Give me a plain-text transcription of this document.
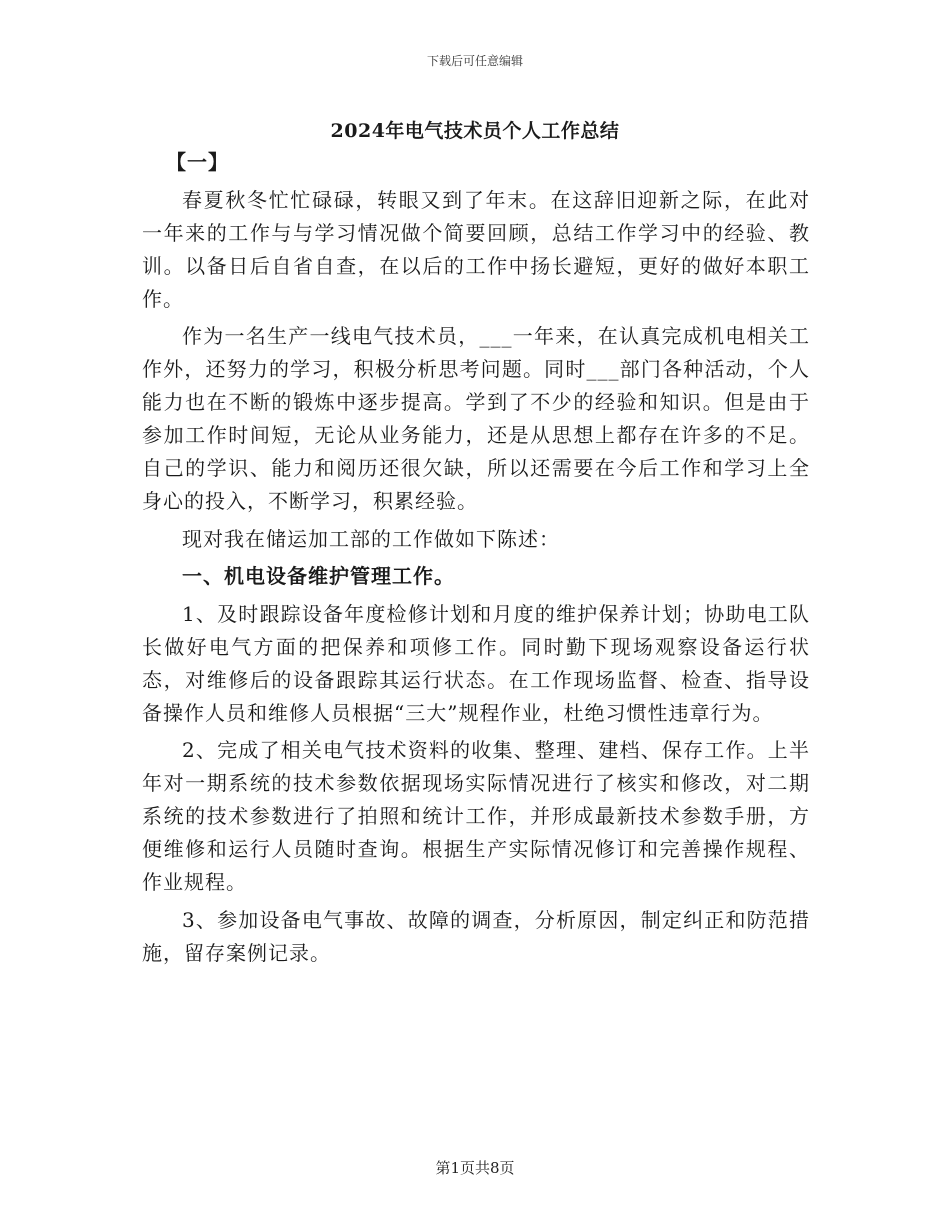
下载后可任意编辑
2024年电气技术员个人工作总结

【一】

春夏秋冬忙忙碌碌，转眼又到了年末。在这辞旧迎新之际，在此对一年来的工作与与学习情况做个简要回顾，总结工作学习中的经验、教训。以备日后自省自查，在以后的工作中扬长避短，更好的做好本职工作。

作为一名生产一线电气技术员，___一年来，在认真完成机电相关工作外，还努力的学习，积极分析思考问题。同时___部门各种活动，个人能力也在不断的锻炼中逐步提高。学到了不少的经验和知识。但是由于参加工作时间短，无论从业务能力，还是从思想上都存在许多的不足。自己的学识、能力和阅历还很欠缺，所以还需要在今后工作和学习上全身心的投入，不断学习，积累经验。

现对我在储运加工部的工作做如下陈述：

一、机电设备维护管理工作。

1、及时跟踪设备年度检修计划和月度的维护保养计划；协助电工队长做好电气方面的把保养和项修工作。同时勤下现场观察设备运行状态，对维修后的设备跟踪其运行状态。在工作现场监督、检查、指导设备操作人员和维修人员根据“三大”规程作业，杜绝习惯性违章行为。

2、完成了相关电气技术资料的收集、整理、建档、保存工作。上半年对一期系统的技术参数依据现场实际情况进行了核实和修改，对二期系统的技术参数进行了拍照和统计工作，并形成最新技术参数手册，方便维修和运行人员随时查询。根据生产实际情况修订和完善操作规程、作业规程。

3、参加设备电气事故、故障的调查，分析原因，制定纠正和防范措施，留存案例记录。

第1页共8页
